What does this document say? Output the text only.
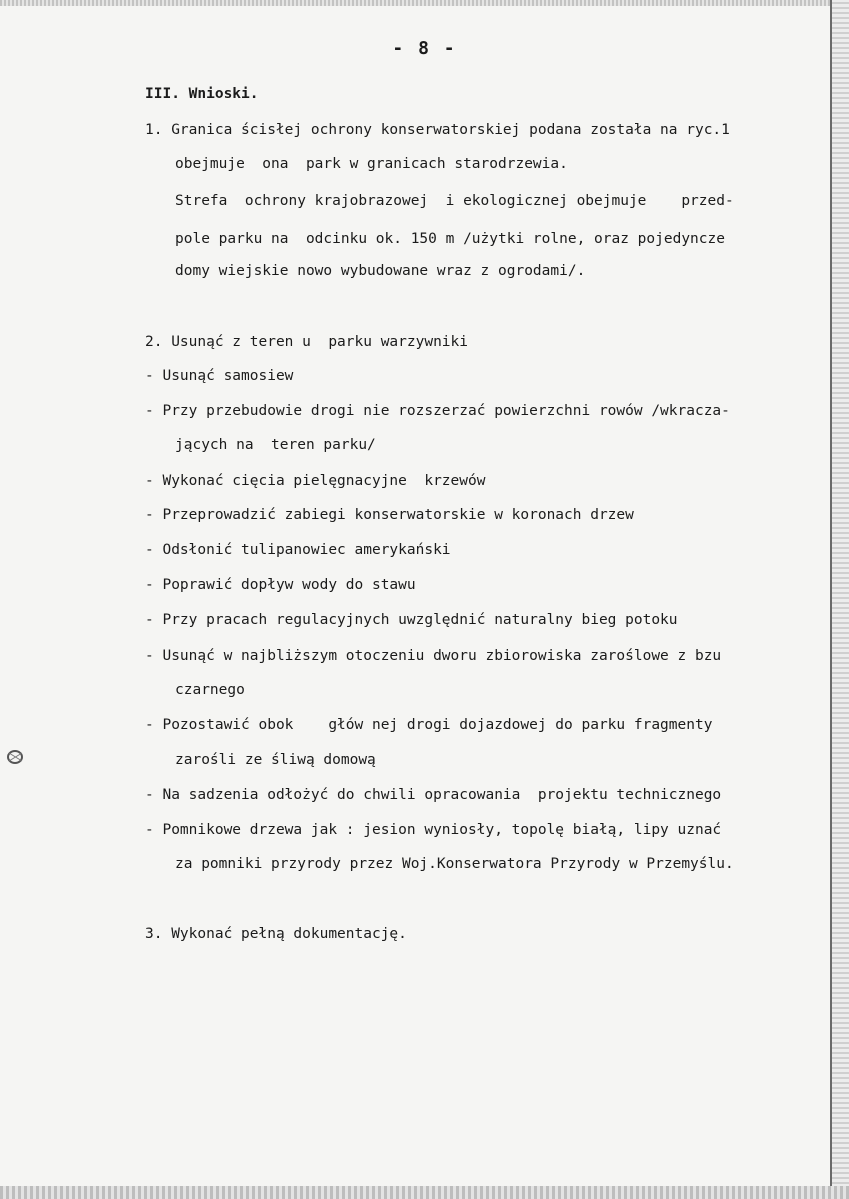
- 8 -
III. Wnioski.
1. Granica ścisłej ochrony konserwatorskiej podana została na ryc.1
obejmuje  ona  park w granicach starodrzewia.
Strefa  ochrony krajobrazowej  i ekologicznej obejmuje    przed-
pole parku na  odcinku ok. 150 m /użytki rolne, oraz pojedyncze
domy wiejskie nowo wybudowane wraz z ogrodami/.
2. Usunąć z teren u  parku warzywniki
- Usunąć samosiew
- Przy przebudowie drogi nie rozszerzać powierzchni rowów /wkracza-
jących na  teren parku/
- Wykonać cięcia pielęgnacyjne  krzewów
- Przeprowadzić zabiegi konserwatorskie w koronach drzew
- Odsłonić tulipanowiec amerykański
- Poprawić dopływ wody do stawu
- Przy pracach regulacyjnych uwzględnić naturalny bieg potoku
- Usunąć w najbliższym otoczeniu dworu zbiorowiska zaroślowe z bzu
czarnego
- Pozostawić obok    głów nej drogi dojazdowej do parku fragmenty
zarośli ze śliwą domową
- Na sadzenia odłożyć do chwili opracowania  projektu technicznego
- Pomnikowe drzewa jak : jesion wyniosły, topolę białą, lipy uznać
za pomniki przyrody przez Woj.Konserwatora Przyrody w Przemyślu.
3. Wykonać pełną dokumentację.
